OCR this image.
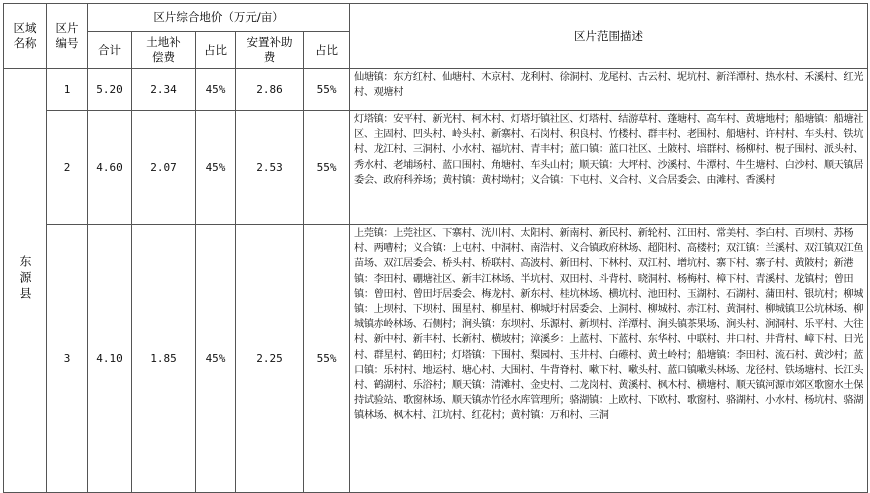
区域名称	区片编号	区片综合地价（万元/亩）					区片范围描述
		合计	土地补偿费	占比	安置补助费	占比	
东源县	1	5.20	2.34	45%	2.86	55%	仙塘镇：东方红村、仙塘村、木京村、龙利村、徐洞村、龙尾村、古云村、坭坑村、新洋潭村、热水村、禾溪村、红光村、观塘村
	2	4.60	2.07	45%	2.53	55%	灯塔镇：安平村、新光村、柯木村、灯塔圩镇社区、灯塔村、结游草村、蓬塘村、高车村、黄塘地村；船塘镇：船塘社区、主固村、凹头村、岭头村、新寨村、石岗村、积良村、竹楼村、群丰村、老围村、船塘村、许村村、车头村、铁坑村、龙江村、三洞村、小水村、福坑村、青丰村；蓝口镇：蓝口社区、土陂村、培群村、杨柳村、梘子围村、派头村、秀水村、老埔场村、蓝口围村、角塘村、车头山村；顺天镇：大坪村、沙溪村、牛潭村、牛生塘村、白沙村、顺天镇居委会、政府科养场；黄村镇：黄村坳村；义合镇：下屯村、义合村、义合居委会、由滩村、香溪村
	3	4.10	1.85	45%	2.25	55%	上莞镇：上莞社区、下寨村、洸川村、太阳村、新南村、新民村、新轮村、江田村、常美村、李白村、百坝村、苏杨村、两嘈村；义合镇：上屯村、中洞村、南浩村、义合镇政府林场、超阳村、高楼村；双江镇：兰溪村、双江镇双江鱼苗场、双江居委会、桥头村、桥联村、高波村、新田村、下林村、双江村、增坑村、寨下村、寨子村、黄陂村；新港镇：李田村、硼塘社区、新丰江林场、半坑村、双田村、斗背村、晓洞村、杨梅村、樟下村、青溪村、龙镇村；曾田镇：曾田村、曾田圩居委会、梅龙村、新东村、桂坑林场、横坑村、池田村、玉湖村、石湖村、蒲田村、银坑村；柳城镇：上坝村、下坝村、围星村、柳星村、柳城圩村居委会、上洞村、柳城村、赤江村、黄洞村、柳城镇卫公坑林场、柳城镇赤岭林场、石侧村；涧头镇：东坝村、乐源村、新坝村、洋潭村、涧头镇茶果场、涧头村、涧洞村、乐平村、大往村、新中村、新丰村、长新村、横坡村；漳溪乡：上蓝村、下蓝村、东华村、中联村、井口村、井背村、嶂下村、日光村、群星村、鹤田村；灯塔镇：下围村、梨园村、玉井村、白礤村、黄土岭村；船塘镇：李田村、流石村、黄沙村；蓝口镇：乐村村、地运村、塘心村、大围村、牛背脊村、嗽下村、嗽头村、蓝口镇嗽头林场、龙径村、铁场塘村、长江头村、鹤湖村、乐浴村；顺天镇：清滩村、金史村、二龙岗村、黄溪村、枫木村、横塘村、顺天镇河源市郊区歌窗水土保持试验站、歌窗林场、顺天镇赤竹径水库管理所；骆湖镇：上欧村、下欧村、歌窗村、骆湖村、小水村、杨坑村、骆湖镇林场、枫木村、江坑村、红花村；黄村镇：万和村、三洞
